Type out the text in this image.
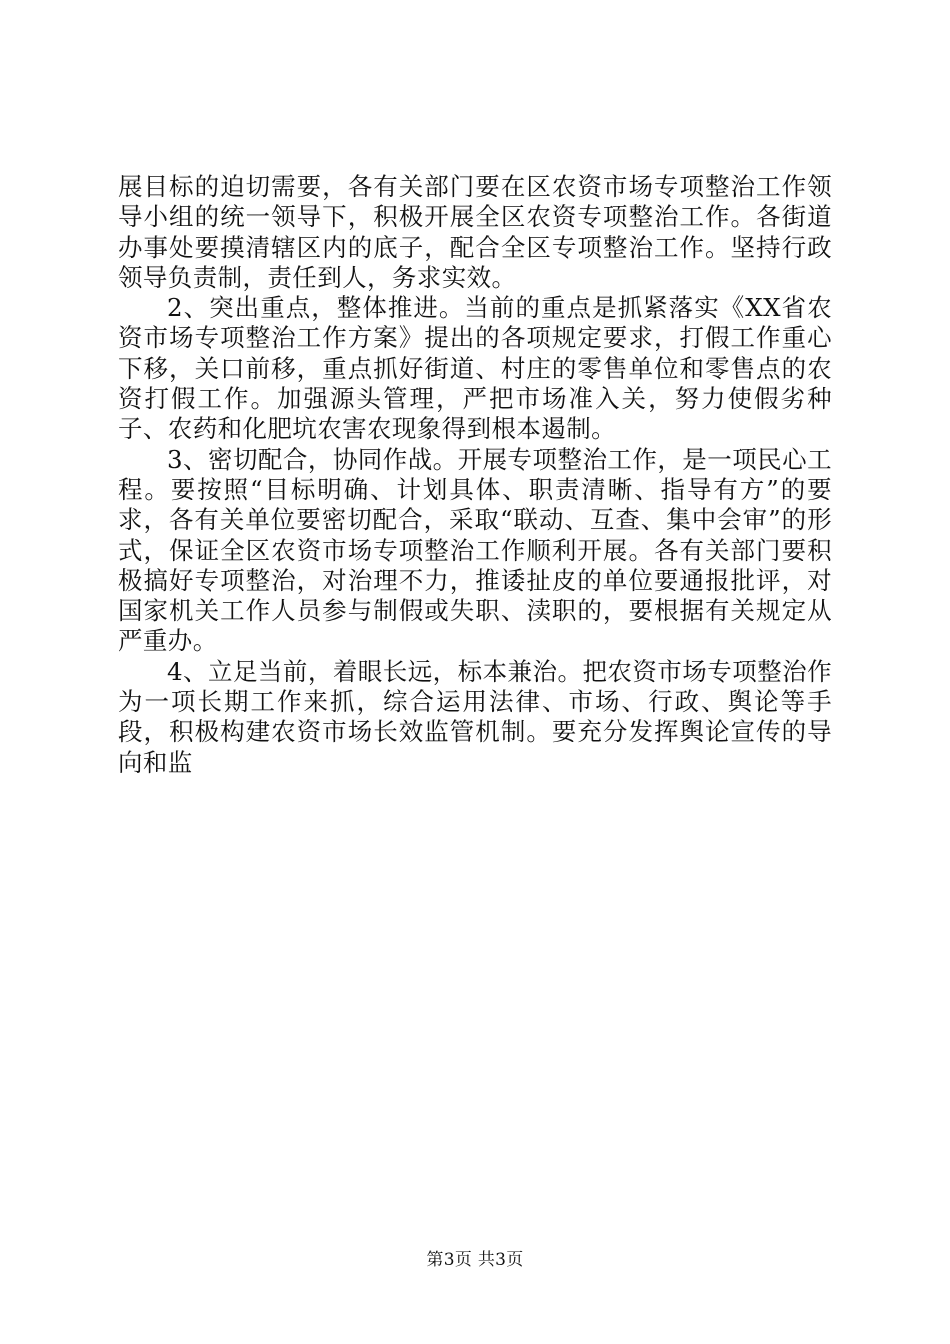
展目标的迫切需要，各有关部门要在区农资市场专项整治工作领导小组的统一领导下，积极开展全区农资专项整治工作。各街道办事处要摸清辖区内的底子，配合全区专项整治工作。坚持行政领导负责制，责任到人，务求实效。

2、突出重点，整体推进。当前的重点是抓紧落实《XX省农资市场专项整治工作方案》提出的各项规定要求，打假工作重心下移，关口前移，重点抓好街道、村庄的零售单位和零售点的农资打假工作。加强源头管理，严把市场准入关，努力使假劣种子、农药和化肥坑农害农现象得到根本遏制。

3、密切配合，协同作战。开展专项整治工作，是一项民心工程。要按照“目标明确、计划具体、职责清晰、指导有方”的要求，各有关单位要密切配合，采取“联动、互查、集中会审”的形式，保证全区农资市场专项整治工作顺利开展。各有关部门要积极搞好专项整治，对治理不力，推诿扯皮的单位要通报批评，对国家机关工作人员参与制假或失职、渎职的，要根据有关规定从严重办。

4、立足当前，着眼长远，标本兼治。把农资市场专项整治作为一项长期工作来抓，综合运用法律、市场、行政、舆论等手段，积极构建农资市场长效监管机制。要充分发挥舆论宣传的导向和监

第3页 共3页
